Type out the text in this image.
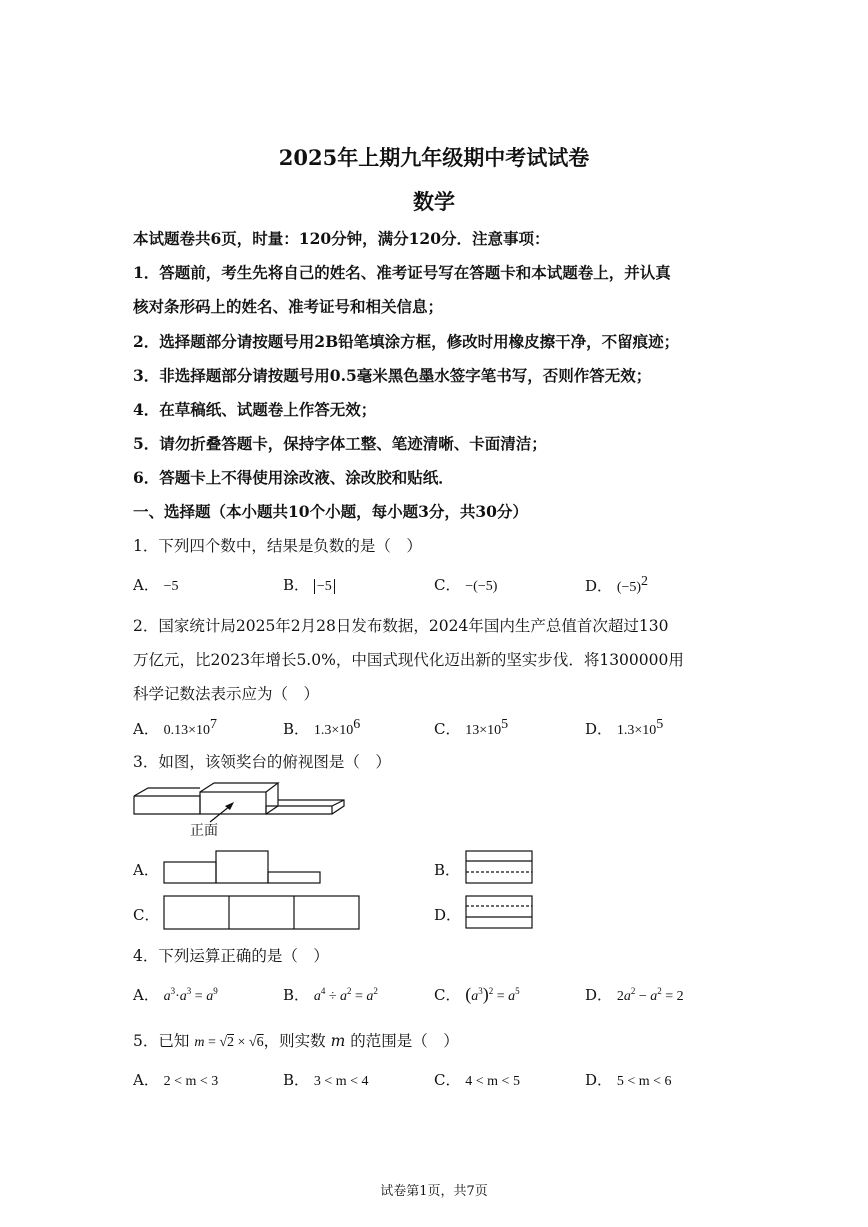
2025年上期九年级期中考试试卷
数学
本试题卷共6页，时量：120分钟，满分120分．注意事项：
1．答题前，考生先将自己的姓名、准考证号写在答题卡和本试题卷上，并认真
核对条形码上的姓名、准考证号和相关信息；
2．选择题部分请按题号用2B铅笔填涂方框，修改时用橡皮擦干净，不留痕迹；
3．非选择题部分请按题号用0.5毫米黑色墨水签字笔书写，否则作答无效；
4．在草稿纸、试题卷上作答无效；
5．请勿折叠答题卡，保持字体工整、笔迹清晰、卡面清洁；
6．答题卡上不得使用涂改液、涂改胶和贴纸．
一、选择题（本小题共10个小题，每小题3分，共30分）
1．下列四个数中，结果是负数的是（　）
A． −5	B． −5	C． −(−5)	D． $(-5)^2$
2．国家统计局2025年2月28日发布数据，2024年国内生产总值首次超过130
万亿元，比2023年增长5.0%，中国式现代化迈出新的坚实步伐．将1300000用
科学记数法表示应为（　）
A． $0.13\times 10^7$	B． $1.3\times 10^6$	C． $13\times 10^5$	D． $1.3\times 10^5$
3．如图，该领奖台的俯视图是（　）
正面
A．	B．
C．	D．
4．下列运算正确的是（　）
A． $a^3\cdot a^3 = a^9$	B． $a^4 \div a^2 = a^2$	C． $(a^3)^2 = a^5$	D． $2a^2 - a^2 = 2$
5．已知 m = √2 × √6，则实数 m 的范围是（　）
A． 2 < m < 3	B． 3 < m < 4	C． 4 < m < 5	D． 5 < m < 6
试卷第1页，共7页
